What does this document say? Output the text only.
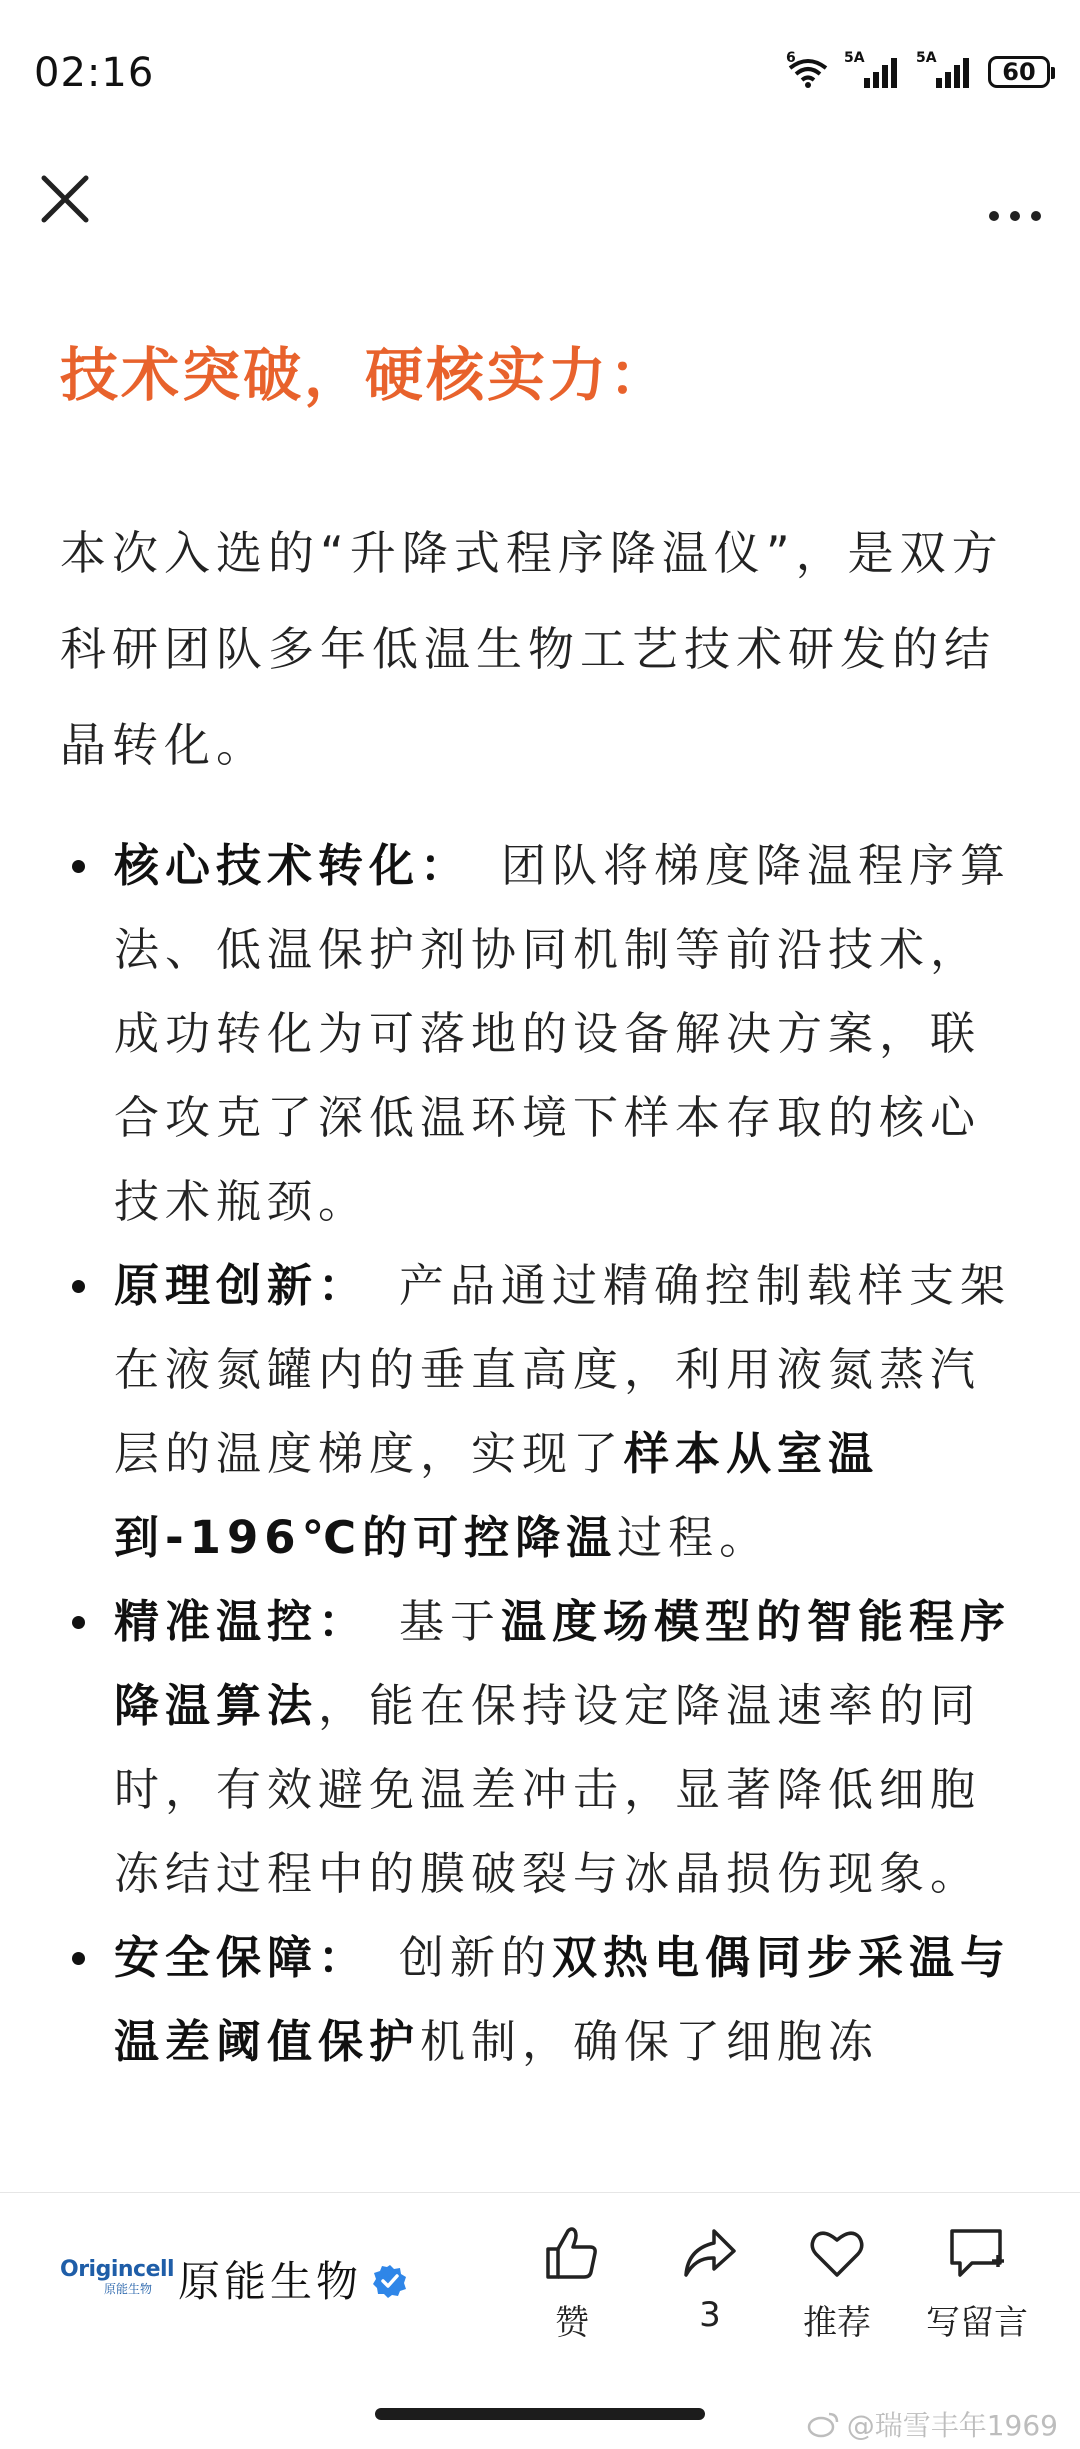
02:16	6	5A	5A	60
技术突破，硬核实力：

本次入选的“升降式程序降温仪”，是双方科研团队多年低温生物工艺技术研发的结晶转化。

核心技术转化： 团队将梯度降温程序算法、低温保护剂协同机制等前沿技术，成功转化为可落地的设备解决方案，联合攻克了深低温环境下样本存取的核心技术瓶颈。
原理创新： 产品通过精确控制载样支架在液氮罐内的垂直高度，利用液氮蒸汽层的温度梯度，实现了样本从室温到-196℃的可控降温过程。
精准温控： 基于温度场模型的智能程序降温算法，能在保持设定降温速率的同时，有效避免温差冲击，显著降低细胞冻结过程中的膜破裂与冰晶损伤现象。
安全保障： 创新的双热电偶同步采温与温差阈值保护机制，确保了细胞冻
Origincell
原能生物 原能生物
赞	3	推荐	写留言
@瑞雪丰年1969
